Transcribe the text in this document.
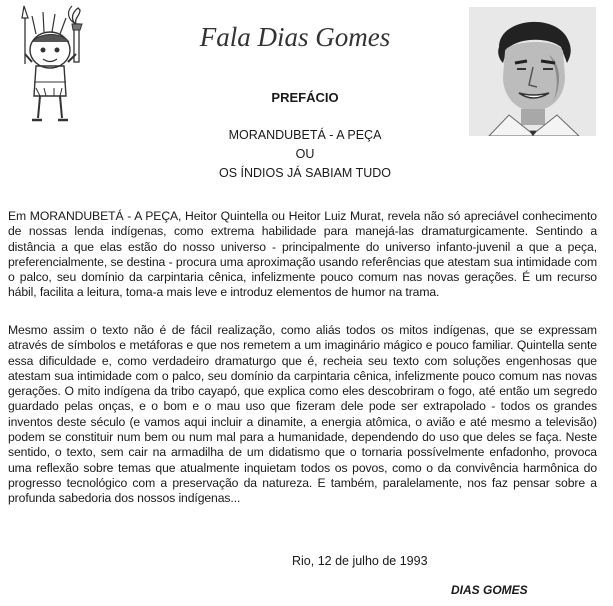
Fala Dias Gomes
PREFÁCIO
MORANDUBETÁ - A PEÇA
OU
OS ÍNDIOS JÁ SABIAM TUDO

Em MORANDUBETÁ - A PEÇA, Heitor Quintella ou Heitor Luiz Murat, revela não só apreciável conhecimento de nossas lenda indígenas, como extrema habilidade para manejá-las dramaturgicamente. Sentindo a distância a que elas estão do nosso universo - principalmente do universo infanto-juvenil a que a peça, preferencialmente, se destina - procura uma aproximação usando referências que atestam sua intimidade com o palco, seu domínio da carpintaria cênica, infelizmente pouco comum nas novas gerações. É um recurso hábil, facilita a leitura, toma-a mais leve e introduz elementos de humor na trama.

Mesmo assim o texto não é de fácil realização, como aliás todos os mitos indígenas, que se expressam através de símbolos e metáforas e que nos remetem a um imaginário mágico e pouco familiar. Quintella sente essa dificuldade e, como verdadeiro dramaturgo que é, recheia seu texto com soluções engenhosas que atestam sua intimidade com o palco, seu domínio da carpintaria cênica, infelizmente pouco comum nas novas gerações. O mito indígena da tribo cayapó, que explica como eles descobriram o fogo, até então um segredo guardado pelas onças, e o bom e o mau uso que fizeram dele pode ser extrapolado - todos os grandes inventos deste século (e vamos aqui incluir a dinamite, a energia atômica, o avião e até mesmo a televisão) podem se constituir num bem ou num mal para a humanidade, dependendo do uso que deles se faça. Neste sentido, o texto, sem cair na armadilha de um didatismo que o tornaria possívelmente enfadonho, provoca uma reflexão sobre temas que atualmente inquietam todos os povos, como o da convivência harmônica do progresso tecnológico com a preservação da natureza. E também, paralelamente, nos faz pensar sobre a profunda sabedoria dos nossos indígenas...

Rio, 12 de julho de 1993
DIAS GOMES
